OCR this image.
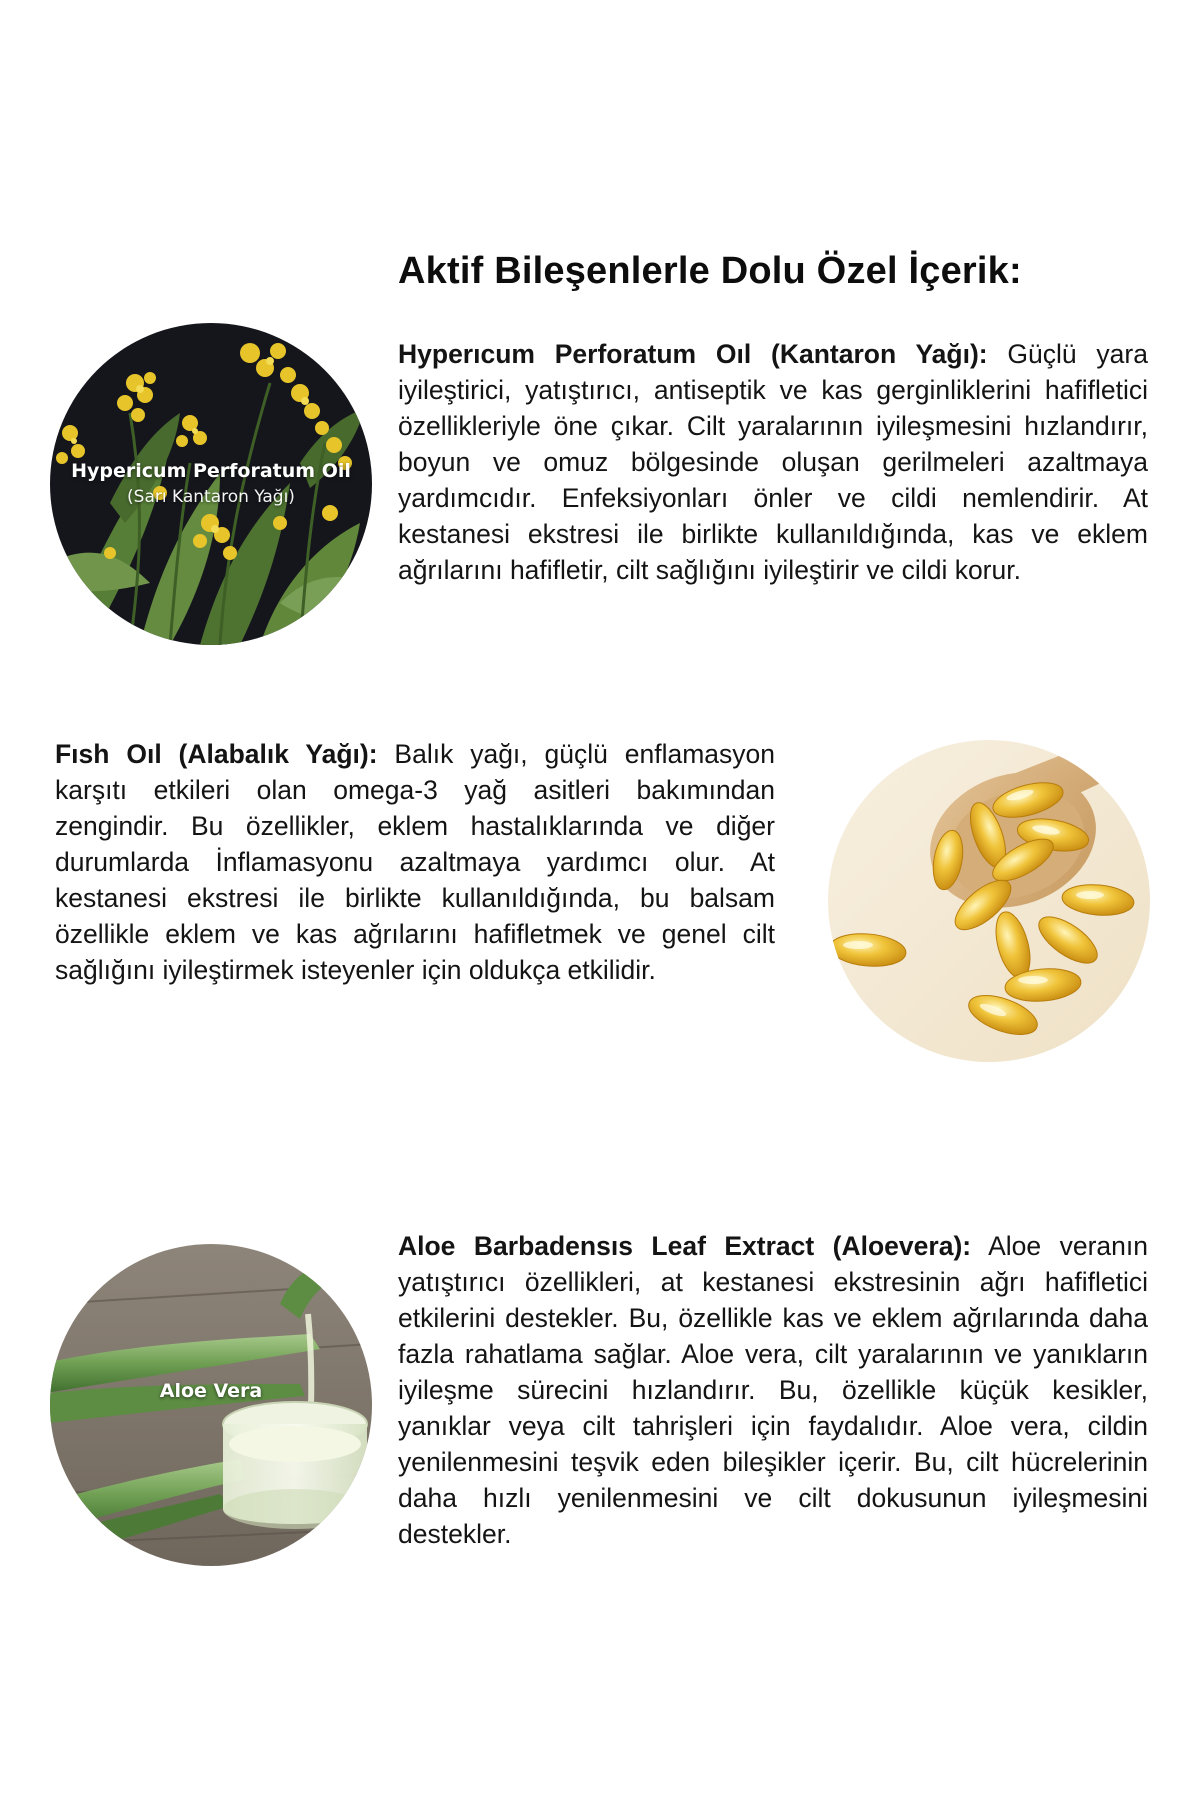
Aktif Bileşenlerle Dolu Özel İçerik:
Hypericum Perforatum Oil
(Sarı Kantaron Yağı)

Hyperıcum Perforatum Oıl (Kantaron Yağı): Güçlü yara iyileştirici, yatıştırıcı, antiseptik ve kas gerginliklerini hafifletici özellikleriyle öne çıkar. Cilt yaralarının iyileşmesini hızlandırır, boyun ve omuz bölgesinde oluşan gerilmeleri azaltmaya yardımcıdır. Enfeksiyonları önler ve cildi nemlendirir. At kestanesi ekstresi ile birlikte kullanıldığında, kas ve eklem ağrılarını hafifletir, cilt sağlığını iyileştirir ve cildi korur.

Fısh Oıl (Alabalık Yağı): Balık yağı, güçlü enflamasyon karşıtı etkileri olan omega-3 yağ asitleri bakımından zengindir. Bu özellikler, eklem hastalıklarında ve diğer durumlarda İnflamasyonu azaltmaya yardımcı olur. At kestanesi ekstresi ile birlikte kullanıldığında, bu balsam özellikle eklem ve kas ağrılarını hafifletmek ve genel cilt sağlığını iyileştirmek isteyenler için oldukça etkilidir.

Aloe Vera

Aloe Barbadensıs Leaf Extract (Aloevera): Aloe veranın yatıştırıcı özellikleri, at kestanesi ekstresinin ağrı hafifletici etkilerini destekler. Bu, özellikle kas ve eklem ağrılarında daha fazla rahatlama sağlar. Aloe vera, cilt yaralarının ve yanıkların iyileşme sürecini hızlandırır. Bu, özellikle küçük kesikler, yanıklar veya cilt tahrişleri için faydalıdır. Aloe vera, cildin yenilenmesini teşvik eden bileşikler içerir. Bu, cilt hücrelerinin daha hızlı yenilenmesini ve cilt dokusunun iyileşmesini destekler.
